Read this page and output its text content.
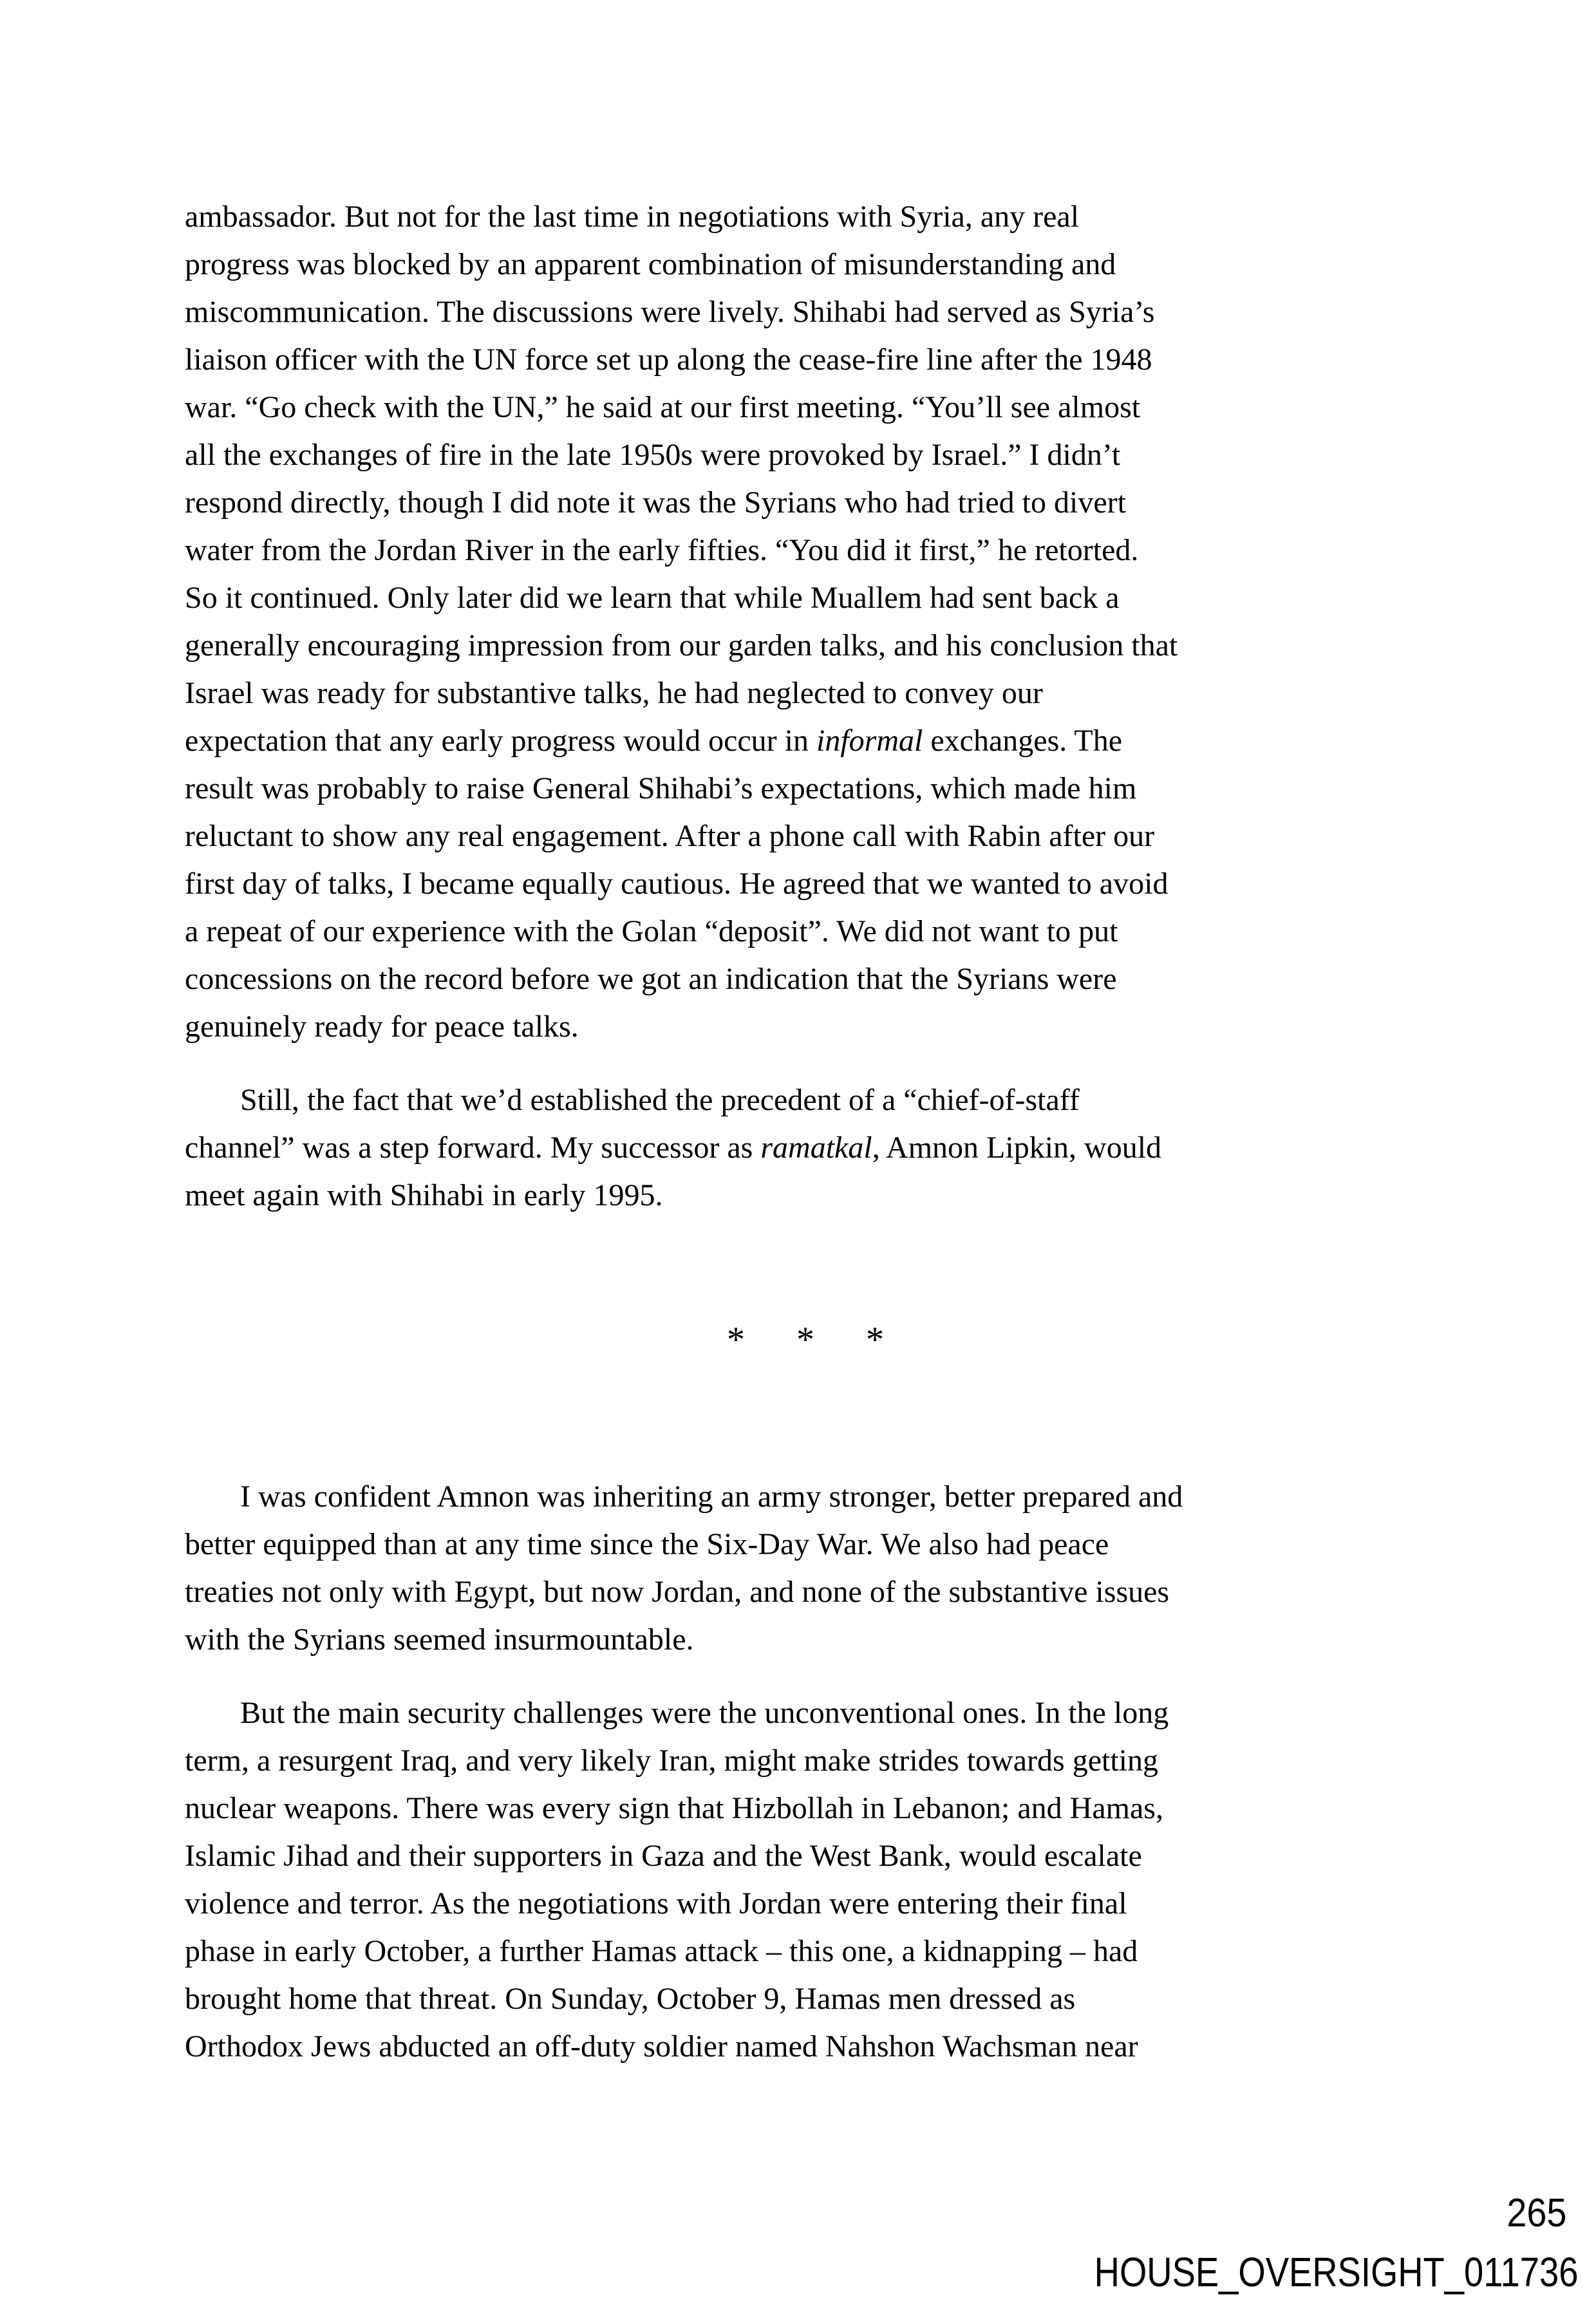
ambassador. But not for the last time in negotiations with Syria, any real
progress was blocked by an apparent combination of misunderstanding and
miscommunication. The discussions were lively. Shihabi had served as Syria’s
liaison officer with the UN force set up along the cease-fire line after the 1948
war. “Go check with the UN,” he said at our first meeting. “You’ll see almost
all the exchanges of fire in the late 1950s were provoked by Israel.” I didn’t
respond directly, though I did note it was the Syrians who had tried to divert
water from the Jordan River in the early fifties. “You did it first,” he retorted.
So it continued. Only later did we learn that while Muallem had sent back a
generally encouraging impression from our garden talks, and his conclusion that
Israel was ready for substantive talks, he had neglected to convey our
expectation that any early progress would occur in informal exchanges. The
result was probably to raise General Shihabi’s expectations, which made him
reluctant to show any real engagement. After a phone call with Rabin after our
first day of talks, I became equally cautious. He agreed that we wanted to avoid
a repeat of our experience with the Golan “deposit”. We did not want to put
concessions on the record before we got an indication that the Syrians were
genuinely ready for peace talks.
Still, the fact that we’d established the precedent of a “chief-of-staff
channel” was a step forward. My successor as ramatkal, Amnon Lipkin, would
meet again with Shihabi in early 1995.
* * *
I was confident Amnon was inheriting an army stronger, better prepared and
better equipped than at any time since the Six-Day War. We also had peace
treaties not only with Egypt, but now Jordan, and none of the substantive issues
with the Syrians seemed insurmountable.
But the main security challenges were the unconventional ones. In the long
term, a resurgent Iraq, and very likely Iran, might make strides towards getting
nuclear weapons. There was every sign that Hizbollah in Lebanon; and Hamas,
Islamic Jihad and their supporters in Gaza and the West Bank, would escalate
violence and terror. As the negotiations with Jordan were entering their final
phase in early October, a further Hamas attack – this one, a kidnapping – had
brought home that threat. On Sunday, October 9, Hamas men dressed as
Orthodox Jews abducted an off-duty soldier named Nahshon Wachsman near
265
HOUSE_OVERSIGHT_011736
